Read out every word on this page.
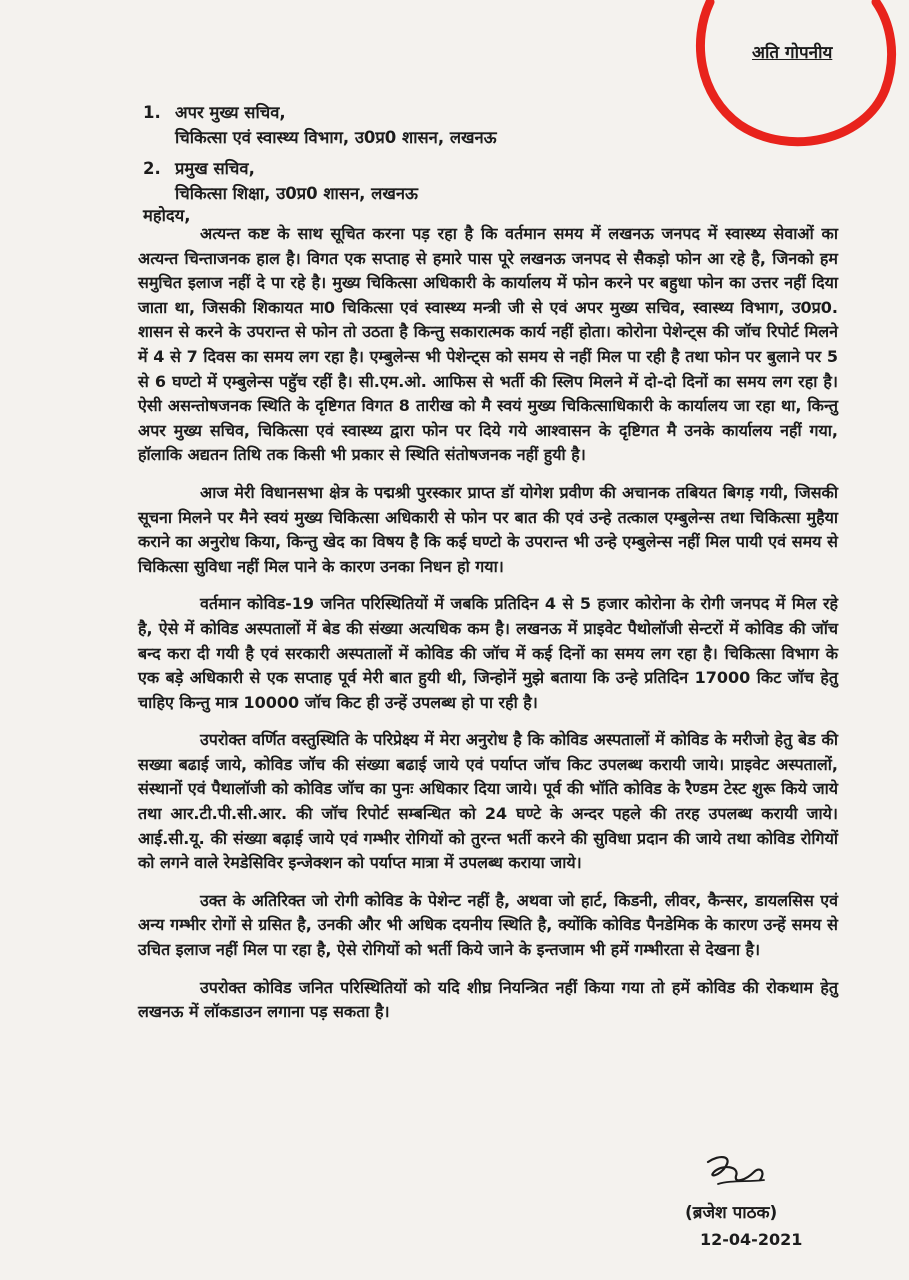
अति गोपनीय
1. अपर मुख्य सचिव,
चिकित्सा एवं स्वास्थ्य विभाग, उ0प्र0 शासन, लखनऊ
2. प्रमुख सचिव,
चिकित्सा शिक्षा, उ0प्र0 शासन, लखनऊ
महोदय,

अत्यन्त कष्ट के साथ सूचित करना पड़ रहा है कि वर्तमान समय में लखनऊ जनपद में स्वास्थ्य सेवाओं का अत्यन्त चिन्ताजनक हाल है। विगत एक सप्ताह से हमारे पास पूरे लखनऊ जनपद से सैकड़ो फोन आ रहे है, जिनको हम समुचित इलाज नहीं दे पा रहे है। मुख्य चिकित्सा अधिकारी के कार्यालय में फोन करने पर बहुधा फोन का उत्तर नहीं दिया जाता था, जिसकी शिकायत मा0 चिकित्सा एवं स्वास्थ्य मन्त्री जी से एवं अपर मुख्य सचिव, स्वास्थ्य विभाग, उ0प्र0. शासन से करने के उपरान्त से फोन तो उठता है किन्तु सकारात्मक कार्य नहीं होता। कोरोना पेशेन्ट्स की जॉच रिपोर्ट मिलने में 4 से 7 दिवस का समय लग रहा है। एम्बुलेन्स भी पेशेन्ट्स को समय से नहीं मिल पा रही है तथा फोन पर बुलाने पर 5 से 6 घण्टो में एम्बुलेन्स पहुॅच रहीं है। सी.एम.ओ. आफिस से भर्ती की स्लिप मिलने में दो-दो दिनों का समय लग रहा है। ऐसी असन्तोषजनक स्थिति के दृष्टिगत विगत 8 तारीख को मै स्वयं मुख्य चिकित्साधिकारी के कार्यालय जा रहा था, किन्तु अपर मुख्य सचिव, चिकित्सा एवं स्वास्थ्य द्वारा फोन पर दिये गये आश्वासन के दृष्टिगत मै उनके कार्यालय नहीं गया, हॉलाकि अद्यतन तिथि तक किसी भी प्रकार से स्थिति संतोषजनक नहीं हुयी है।

आज मेरी विधानसभा क्षेत्र के पद्मश्री पुरस्कार प्राप्त डॉ योगेश प्रवीण की अचानक तबियत बिगड़ गयी, जिसकी सूचना मिलने पर मैने स्वयं मुख्य चिकित्सा अधिकारी से फोन पर बात की एवं उन्हे तत्काल एम्बुलेन्स तथा चिकित्सा मुहैया कराने का अनुरोध किया, किन्तु खेद का विषय है कि कई घण्टो के उपरान्त भी उन्हे एम्बुलेन्स नहीं मिल पायी एवं समय से चिकित्सा सुविधा नहीं मिल पाने के कारण उनका निधन हो गया।

वर्तमान कोविड-19 जनित परिस्थितियों में जबकि प्रतिदिन 4 से 5 हजार कोरोना के रोगी जनपद में मिल रहे है, ऐसे में कोविड अस्पतालों में बेड की संख्या अत्यधिक कम है। लखनऊ में प्राइवेट पैथोलॉजी सेन्टरों में कोविड की जॉच बन्द करा दी गयी है एवं सरकारी अस्पतालों में कोविड की जॉच में कई दिनों का समय लग रहा है। चिकित्सा विभाग के एक बड़े अधिकारी से एक सप्ताह पूर्व मेरी बात हुयी थी, जिन्होनें मुझे बताया कि उन्हे प्रतिदिन 17000 किट जॉच हेतु चाहिए किन्तु मात्र 10000 जॉच किट ही उन्हें उपलब्ध हो पा रही है।

उपरोक्त वर्णित वस्तुस्थिति के परिप्रेक्ष्य में मेरा अनुरोध है कि कोविड अस्पतालों में कोविड के मरीजो हेतु बेड की सख्या बढाई जाये, कोविड जॉच की संख्या बढाई जाये एवं पर्याप्त जॉच किट उपलब्ध करायी जाये। प्राइवेट अस्पतालों, संस्थानों एवं पैथालॉजी को कोविड जॉच का पुनः अधिकार दिया जाये। पूर्व की भॉति कोविड के रैण्डम टेस्ट शुरू किये जाये तथा आर.टी.पी.सी.आर. की जॉच रिपोर्ट सम्बन्धित को 24 घण्टे के अन्दर पहले की तरह उपलब्ध करायी जाये। आई.सी.यू. की संख्या बढ़ाई जाये एवं गम्भीर रोगियों को तुरन्त भर्ती करने की सुविधा प्रदान की जाये तथा कोविड रोगियों को लगने वाले रेमडेसिविर इन्जेक्शन को पर्याप्त मात्रा में उपलब्ध कराया जाये।

उक्त के अतिरिक्त जो रोगी कोविड के पेशेन्ट नहीं है, अथवा जो हार्ट, किडनी, लीवर, कैन्सर, डायलसिस एवं अन्य गम्भीर रोगों से ग्रसित है, उनकी और भी अधिक दयनीय स्थिति है, क्योंकि कोविड पैनडेमिक के कारण उन्हें समय से उचित इलाज नहीं मिल पा रहा है, ऐसे रोगियों को भर्ती किये जाने के इन्तजाम भी हमें गम्भीरता से देखना है।

उपरोक्त कोविड जनित परिस्थितियों को यदि शीघ्र नियन्त्रित नहीं किया गया तो हमें कोविड की रोकथाम हेतु लखनऊ में लॉकडाउन लगाना पड़ सकता है।

(ब्रजेश पाठक)
12-04-2021
